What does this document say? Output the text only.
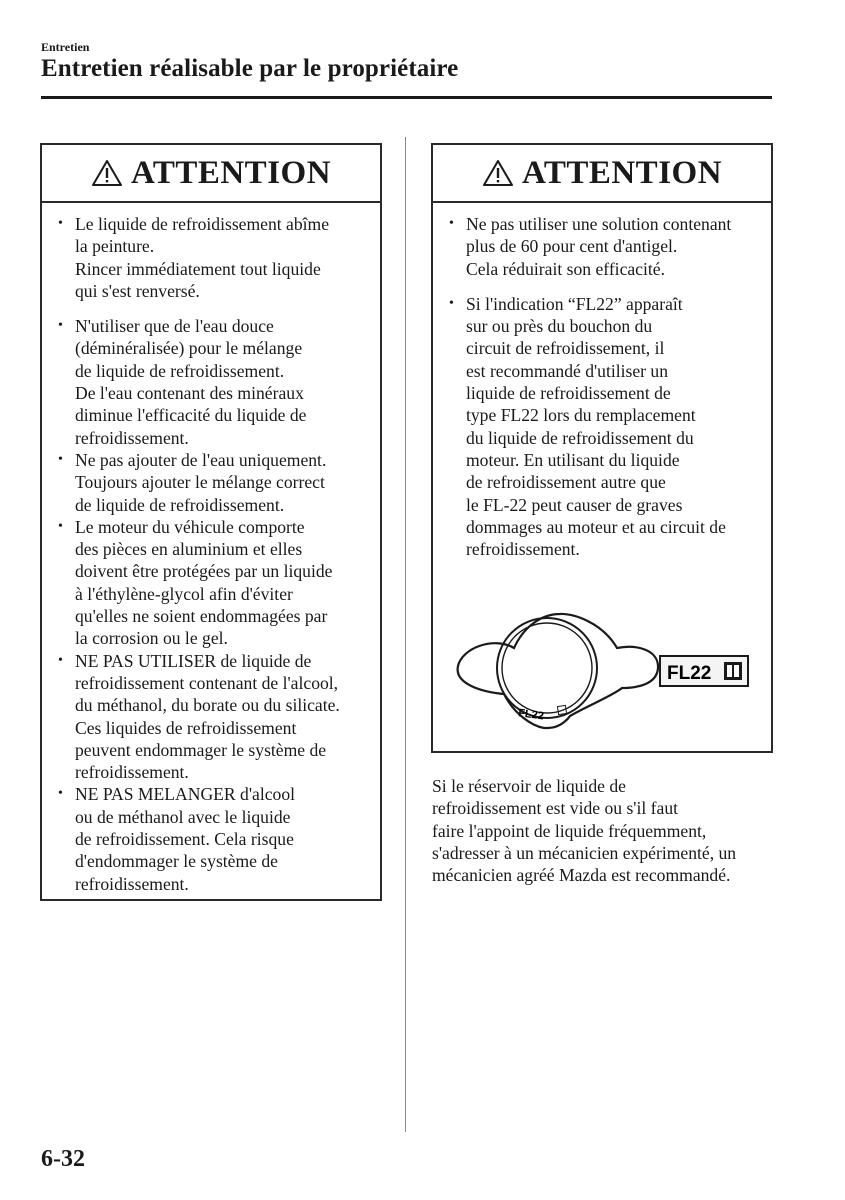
Entretien
Entretien réalisable par le propriétaire
ATTENTION
• Le liquide de refroidissement abîme
la peinture.
Rincer immédiatement tout liquide
qui s'est renversé.
• N'utiliser que de l'eau douce
(déminéralisée) pour le mélange
de liquide de refroidissement.
De l'eau contenant des minéraux
diminue l'efficacité du liquide de
refroidissement.
• Ne pas ajouter de l'eau uniquement.
Toujours ajouter le mélange correct
de liquide de refroidissement.
• Le moteur du véhicule comporte
des pièces en aluminium et elles
doivent être protégées par un liquide
à l'éthylène-glycol afin d'éviter
qu'elles ne soient endommagées par
la corrosion ou le gel.
• NE PAS UTILISER de liquide de
refroidissement contenant de l'alcool,
du méthanol, du borate ou du silicate.
Ces liquides de refroidissement
peuvent endommager le système de
refroidissement.
• NE PAS MELANGER d'alcool
ou de méthanol avec le liquide
de refroidissement. Cela risque
d'endommager le système de
refroidissement.
ATTENTION
• Ne pas utiliser une solution contenant
plus de 60 pour cent d'antigel.
Cela réduirait son efficacité.
• Si l'indication “FL22” apparaît
sur ou près du bouchon du
circuit de refroidissement, il
est recommandé d'utiliser un
liquide de refroidissement de
type FL22 lors du remplacement
du liquide de refroidissement du
moteur. En utilisant du liquide
de refroidissement autre que
le FL-22 peut causer de graves
dommages au moteur et au circuit de
refroidissement.
FL22
FL22
Si le réservoir de liquide de
refroidissement est vide ou s'il faut
faire l'appoint de liquide fréquemment,
s'adresser à un mécanicien expérimenté, un
mécanicien agréé Mazda est recommandé.
6-32
